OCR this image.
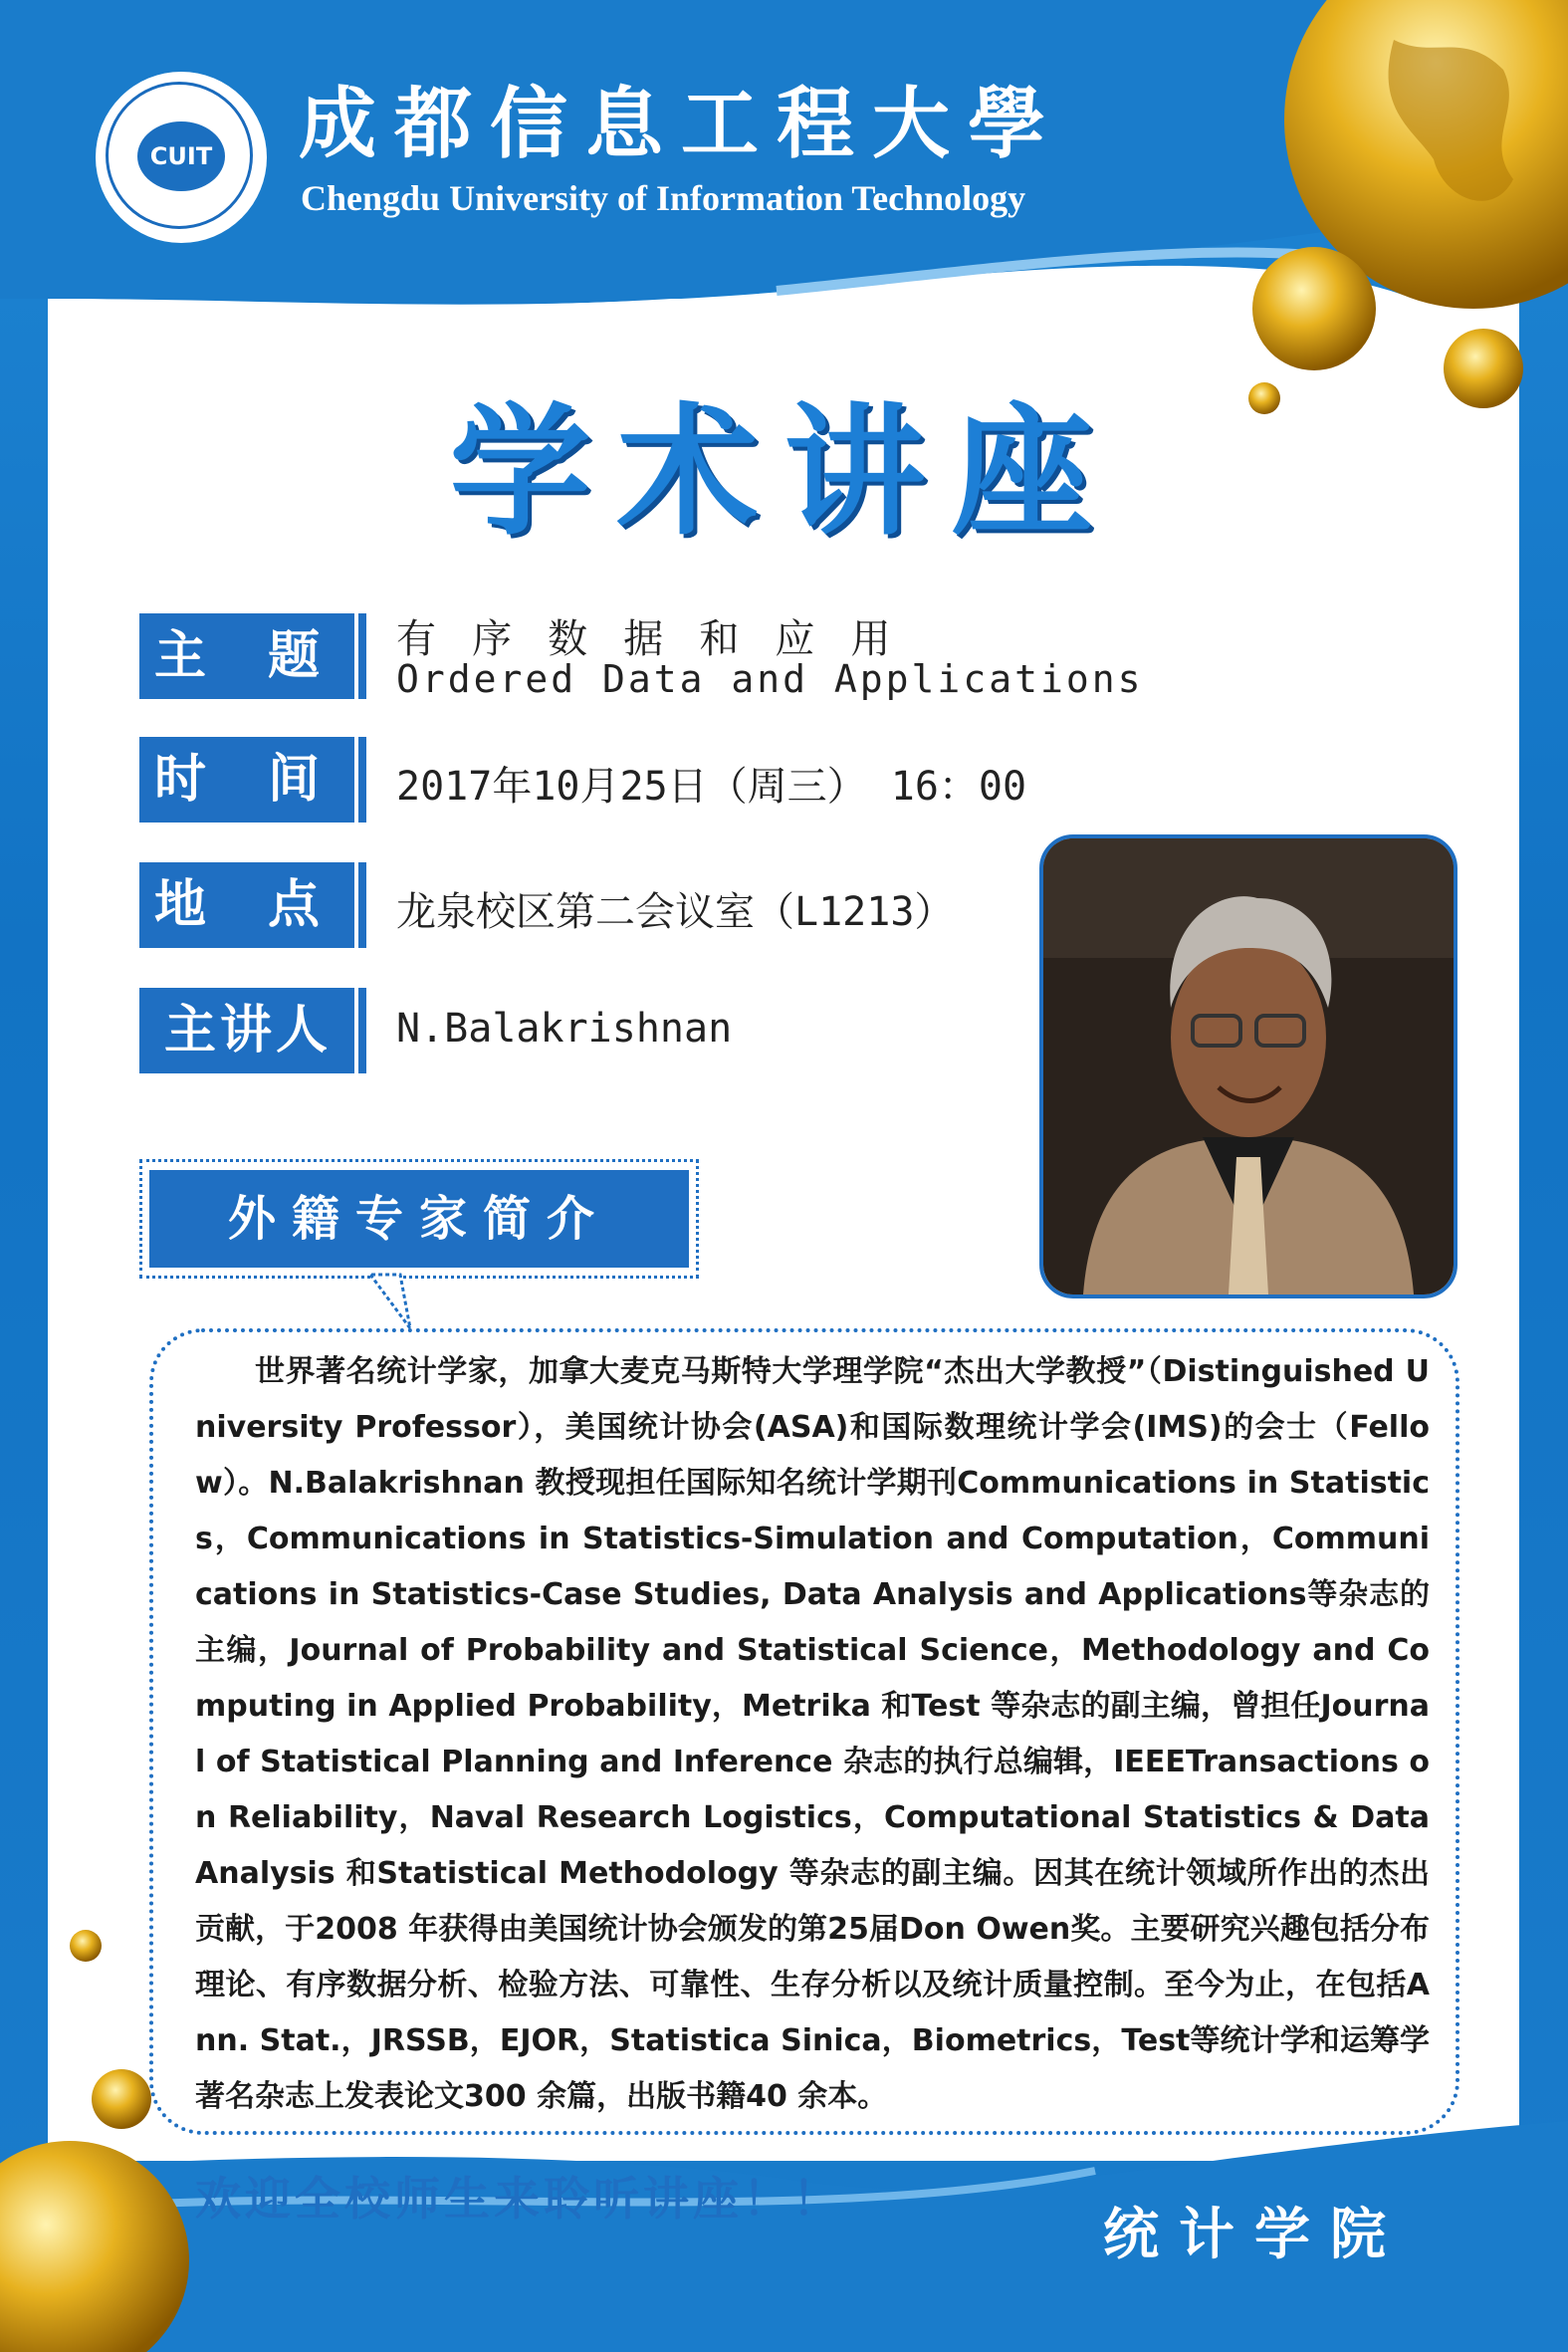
CUIT 成都信息工程大學
Chengdu University of Information Technology
学术讲座
主 题	有 序 数 据 和 应 用
Ordered Data and Applications
时 间	2017年10月25日（周三） 16：00
地 点	龙泉校区第二会议室（L1213）
主讲人	N.Balakrishnan
外籍专家简介
世界著名统计学家，加拿大麦克马斯特大学理学院“杰出大学教授”（Distinguished University Professor），美国统计协会(ASA)和国际数理统计学会(IMS)的会士（Fellow）。N.Balakrishnan 教授现担任国际知名统计学期刊Communications in Statistics，Communications in Statistics-Simulation and Computation，Communications in Statistics-Case Studies, Data Analysis and Applications等杂志的主编，Journal of Probability and Statistical Science，Methodology and Computing in Applied Probability，Metrika 和Test 等杂志的副主编，曾担任Journal of Statistical Planning and Inference 杂志的执行总编辑，IEEETransactions on Reliability，Naval Research Logistics，Computational Statistics & Data Analysis 和Statistical Methodology 等杂志的副主编。因其在统计领域所作出的杰出贡献，于2008 年获得由美国统计协会颁发的第25届Don Owen奖。主要研究兴趣包括分布理论、有序数据分析、检验方法、可靠性、生存分析以及统计质量控制。至今为止，在包括Ann. Stat.，JRSSB，EJOR，Statistica Sinica，Biometrics，Test等统计学和运筹学著名杂志上发表论文300 余篇，出版书籍40 余本。
欢迎全校师生来聆听讲座！！
统计学院
